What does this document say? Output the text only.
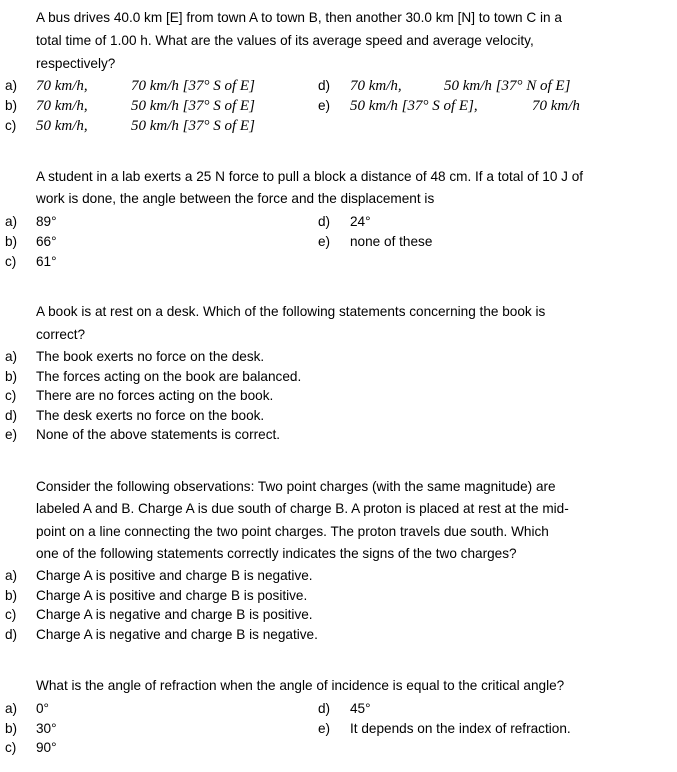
A bus drives 40.0 km [E] from town A to town B, then another 30.0 km [N] to town C in a
total time of 1.00 h. What are the values of its average speed and average velocity,
respectively?
a) 70 km/h,	70 km/h [37° S of E]
b) 70 km/h,	50 km/h [37° S of E]
c) 50 km/h,	50 km/h [37° S of E]
d) 70 km/h,	50 km/h [37° N of E]
e) 50 km/h [37° S of E],	70 km/h
A student in a lab exerts a 25 N force to pull a block a distance of 48 cm. If a total of 10 J of
work is done, the angle between the force and the displacement is
a) 89°
b) 66°
c) 61°
d) 24°
e) none of these
A book is at rest on a desk. Which of the following statements concerning the book is
correct?
a) The book exerts no force on the desk.
b) The forces acting on the book are balanced.
c) There are no forces acting on the book.
d) The desk exerts no force on the book.
e) None of the above statements is correct.
Consider the following observations: Two point charges (with the same magnitude) are
labeled A and B. Charge A is due south of charge B. A proton is placed at rest at the mid-
point on a line connecting the two point charges. The proton travels due south. Which
one of the following statements correctly indicates the signs of the two charges?
a) Charge A is positive and charge B is negative.
b) Charge A is positive and charge B is positive.
c) Charge A is negative and charge B is positive.
d) Charge A is negative and charge B is negative.
What is the angle of refraction when the angle of incidence is equal to the critical angle?
a) 0°
b) 30°
c) 90°
d) 45°
e) It depends on the index of refraction.
